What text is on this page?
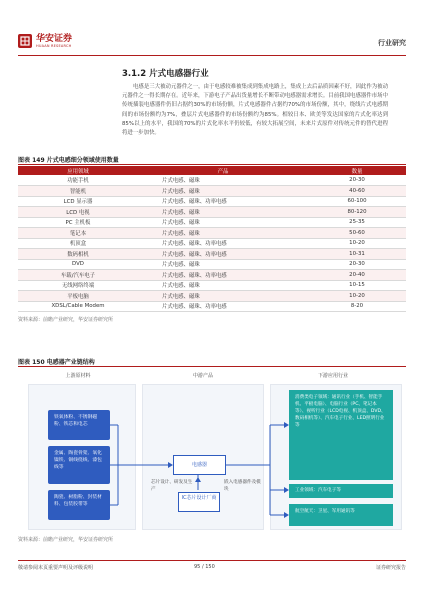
华安证券
HUAAN RESEARCH	行业研究
3.1.2 片式电感器行业

电感是三大被动元器件之一，由于电感较难被集成到集成电路上，集成上去后品质因素不好，因此作为被动元器件之一得长期存在。近年来，下游电子产品出货量增长不断带动电感器需求增长。目前我国电感器件市场中传统插装电感器件仍旧占据约30%的市场份额，片式电感器件占据约70%的市场份额，其中，绕线片式电感期间的市场份额约为7%，叠层片式电感器件的市场份额约为85%。相较日本、欧美等发达国家的片式化率达到85%以上的水平，我国的70%的片式化率水平仍较低，有较大拓展空间，未来片式原件对传统元件的替代进程将进一步加快。

图表 149 片式电感细分领域使用数量
应用领域	产品	数量
功能手机	片式电感、磁珠	20-30
智能机	片式电感、磁珠	40-60
LCD 显示器	片式电感、磁珠、功率电感	60-100
LCD 电视	片式电感、磁珠	80-120
PC 主机板	片式电感、磁珠	25-35
笔记本	片式电感、磁珠	50-60
机顶盒	片式电感、磁珠、功率电感	10-20
数码相机	片式电感、磁珠、功率电感	10-31
DVD	片式电感、磁珠	20-30
车载/汽车电子	片式电感、磁珠、功率电感	20-40
无线网络终端	片式电感、磁珠	10-15
平板电脑	片式电感、磁珠	10-20
XDSL/Cable Modem	片式电感、磁珠、功率电感	8-20
资料来源：前瞻产业研究，华安证券研究所
图表 150 电感器产业链结构
上游原材料	中游产品	下游应用行业
铁氧体粉、不锈钢磁粉、铁芯和电芯
金属、陶瓷骨架、氧化镍铁、铜线绕线、漆包线等
陶瓷、树脂粉、封装材料、包装胶带等
电感器
IC芯片设计厂商
芯片设计、研发及生产
嵌入电感器件及模块
消费类电子领域：通讯行业（手机、智能手机、平板电脑）、电脑行业（PC、笔记本等）、视听行业（LCD电视、机顶盒、DVD、数码相机等）、汽车电子行业、LED照明行业等
工业领域：汽车电子等
航空航天：卫星、军用通讯等
资料来源：前瞻产业研究，华安证券研究所
敬请参阅末页重要声明及评级说明	95 / 150	证券研究报告
